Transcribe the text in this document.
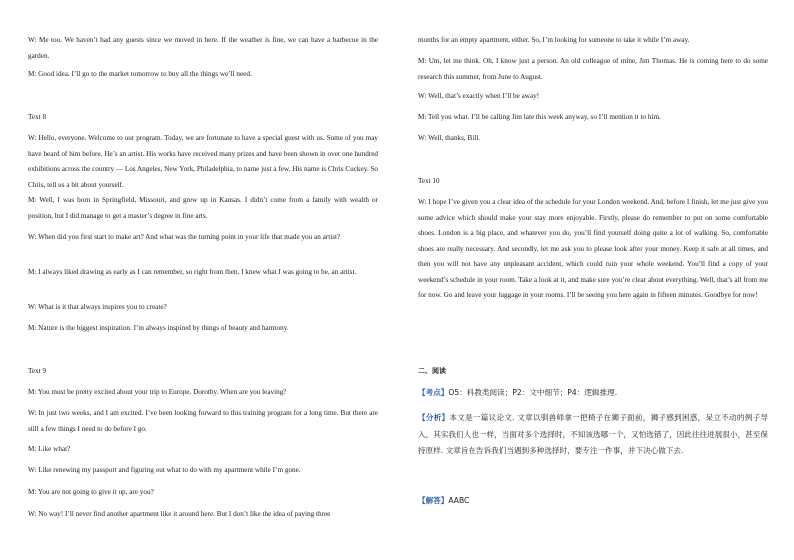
W: Me too. We haven’t had any guests since we moved in here. If the weather is fine, we can have a barbecue in the garden.

M: Good idea. I’ll go to the market tomorrow to buy all the things we’ll need.

Text 8

W: Hello, everyone. Welcome to our program. Today, we are fortunate to have a special guest with us. Some of you may have heard of him before. He’s an artist. His works have received many prizes and have been shown in over one hundred exhibitions across the country — Los Angeles, New York, Philadelphia, to name just a few. His name is Chris Cuckey. So Chris, tell us a bit about yourself.

M: Well, I was born in Springfield, Missouri, and grew up in Kansas. I didn’t come from a family with wealth or position, but I did manage to get a master’s degree in fine arts.

W: When did you first start to make art? And what was the turning point in your life that made you an artist?

M: I always liked drawing as early as I can remember, so right from then, I knew what I was going to be, an artist.

W: What is it that always inspires you to create?

M: Nature is the biggest inspiration. I’m always inspired by things of beauty and harmony.

Text 9

M: You must be pretty excited about your trip to Europe, Dorothy. When are you leaving?

W: In just two weeks, and I am excited. I’ve been looking forward to this training program for a long time. But there are still a few things I need to do before I go.

M: Like what?

W: Like renewing my passport and figuring out what to do with my apartment while I’m gone.

M: You are not going to give it up, are you?

W: No way! I’ll never find another apartment like it around here. But I don’t like the idea of paying three

months for an empty apartment, either. So, I’m looking for someone to take it while I’m away.

M: Um, let me think. Oh, I know just a person. An old colleague of mine, Jim Thomas. He is coming here to do some research this summer, from June to August.

W: Well, that’s exactly when I’ll be away!

M: Tell you what. I’ll be calling Jim late this week anyway, so I’ll mention it to him.

W: Well, thanks, Bill.

Text 10

W: I hope I’ve given you a clear idea of the schedule for your London weekend. And, before I finish, let me just give you some advice which should make your stay more enjoyable. Firstly, please do remember to put on some comfortable shoes. London is a big place, and whatever you do, you’ll find yourself doing quite a lot of walking. So, comfortable shoes are really necessary. And secondly, let me ask you to please look after your money. Keep it safe at all times, and then you will not have any unpleasant accident, which could ruin your whole weekend. You’ll find a copy of your weekend’s schedule in your room. Take a look at it, and make sure you’re clear about everything. Well, that’s all from me for now. Go and leave your luggage in your rooms. I’ll be seeing you here again in fifteen minutes. Goodbye for now!

二、阅读

【考点】O5：科教类阅读；P2：文中细节；P4：逻辑推理.

【分析】本文是一篇议论文. 文章以驯兽师拿一把椅子在狮子面前，狮子感到困惑，呆立不动的例子导入，其实我们人也一样，当面对多个选择时，不知该选哪一个，又怕选错了，因此往往进展很小，甚至保持原样. 文章旨在告诉我们当遇到多种选择时，要专注一件事，并下决心做下去.

【解答】AABC
